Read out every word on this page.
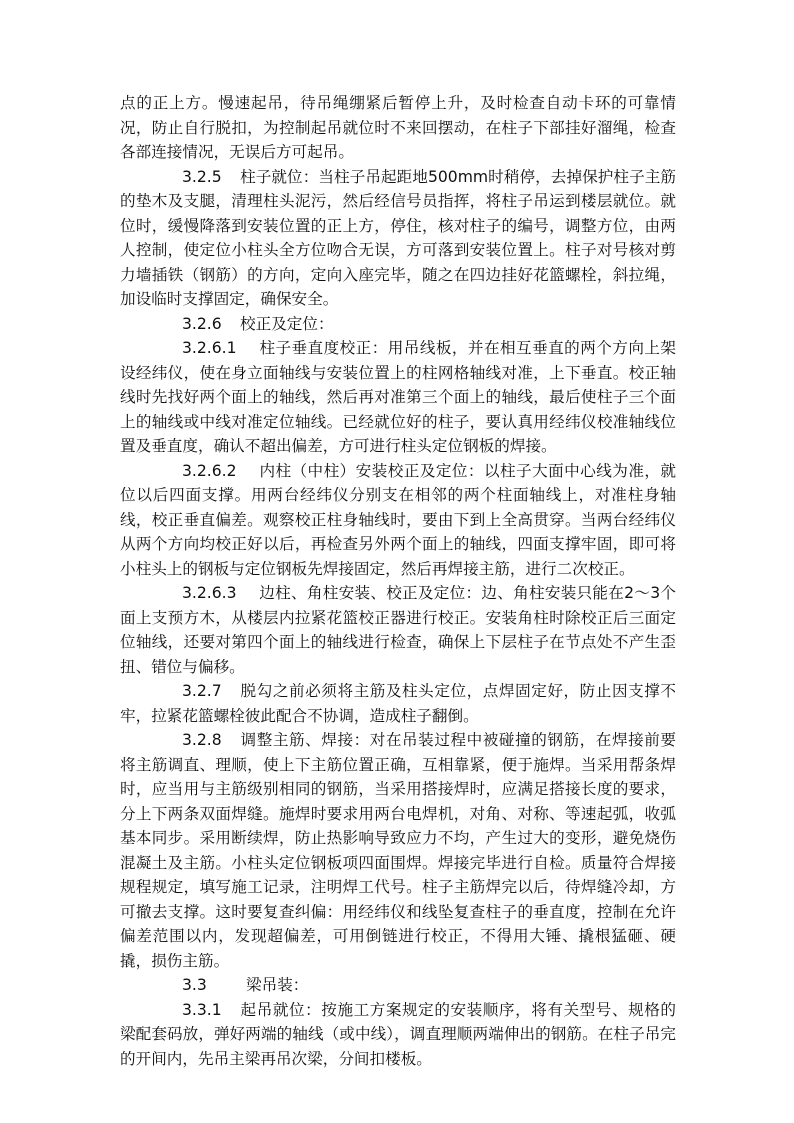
点的正上方。慢速起吊，待吊绳绷紧后暂停上升，及时检查自动卡环的可靠情况，防止自行脱扣，为控制起吊就位时不来回摆动，在柱子下部挂好溜绳，检查各部连接情况，无误后方可起吊。

3.2.5 柱子就位：当柱子吊起距地500mm时稍停，去掉保护柱子主筋的垫木及支腿，清理柱头泥污，然后经信号员指挥，将柱子吊运到楼层就位。就位时，缓慢降落到安装位置的正上方，停住，核对柱子的编号，调整方位，由两人控制，使定位小柱头全方位吻合无误，方可落到安装位置上。柱子对号核对剪力墙插铁（钢筋）的方向，定向入座完毕，随之在四边挂好花篮螺栓，斜拉绳，加设临时支撑固定，确保安全。

3.2.6 校正及定位：

3.2.6.1 柱子垂直度校正：用吊线板，并在相互垂直的两个方向上架设经纬仪，使在身立面轴线与安装位置上的柱网格轴线对准，上下垂直。校正轴线时先找好两个面上的轴线，然后再对准第三个面上的轴线，最后使柱子三个面上的轴线或中线对准定位轴线。已经就位好的柱子，要认真用经纬仪校准轴线位置及垂直度，确认不超出偏差，方可进行柱头定位钢板的焊接。

3.2.6.2 内柱（中柱）安装校正及定位：以柱子大面中心线为准，就位以后四面支撑。用两台经纬仪分别支在相邻的两个柱面轴线上，对准柱身轴线，校正垂直偏差。观察校正柱身轴线时，要由下到上全高贯穿。当两台经纬仪从两个方向均校正好以后，再检查另外两个面上的轴线，四面支撑牢固，即可将小柱头上的钢板与定位钢板先焊接固定，然后再焊接主筋，进行二次校正。

3.2.6.3 边柱、角柱安装、校正及定位：边、角柱安装只能在2～3个面上支预方木，从楼层内拉紧花篮校正器进行校正。安装角柱时除校正后三面定位轴线，还要对第四个面上的轴线进行检查，确保上下层柱子在节点处不产生歪扭、错位与偏移。

3.2.7 脱勾之前必须将主筋及柱头定位，点焊固定好，防止因支撑不牢，拉紧花篮螺栓彼此配合不协调，造成柱子翻倒。

3.2.8 调整主筋、焊接：对在吊装过程中被碰撞的钢筋，在焊接前要将主筋调直、理顺，使上下主筋位置正确，互相靠紧，便于施焊。当采用帮条焊时，应当用与主筋级别相同的钢筋，当采用搭接焊时，应满足搭接长度的要求，分上下两条双面焊缝。施焊时要求用两台电焊机，对角、对称、等速起弧，收弧基本同步。采用断续焊，防止热影响导致应力不均，产生过大的变形，避免烧伤混凝土及主筋。小柱头定位钢板项四面围焊。焊接完毕进行自检。质量符合焊接规程规定，填写施工记录，注明焊工代号。柱子主筋焊完以后，待焊缝冷却，方可撤去支撑。这时要复查纠偏：用经纬仪和线坠复查柱子的垂直度，控制在允许偏差范围以内，发现超偏差，可用倒链进行校正，不得用大锤、撬根猛砸、硬撬，损伤主筋。

3.3	梁吊装：

3.3.1 起吊就位：按施工方案规定的安装顺序，将有关型号、规格的梁配套码放，弹好两端的轴线（或中线），调直理顺两端伸出的钢筋。在柱子吊完的开间内，先吊主梁再吊次梁，分间扣楼板。
